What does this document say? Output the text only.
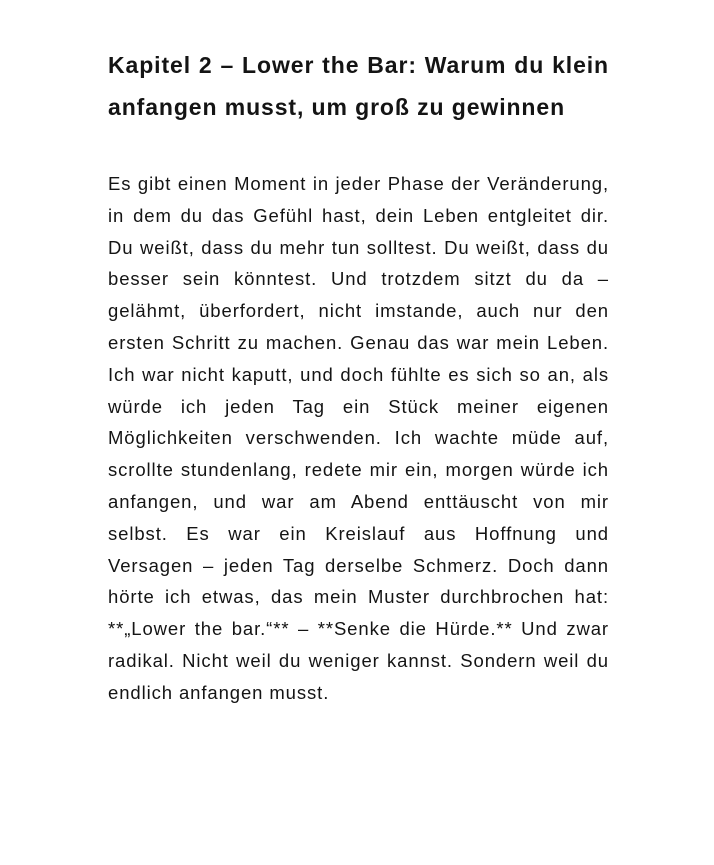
Kapitel 2 – Lower the Bar: Warum du klein anfangen musst, um groß zu gewinnen

Es gibt einen Moment in jeder Phase der Veränderung, in dem du das Gefühl hast, dein Leben entgleitet dir. Du weißt, dass du mehr tun solltest. Du weißt, dass du besser sein könntest. Und trotzdem sitzt du da – gelähmt, überfordert, nicht imstande, auch nur den ersten Schritt zu machen. Genau das war mein Leben. Ich war nicht kaputt, und doch fühlte es sich so an, als würde ich jeden Tag ein Stück meiner eigenen Möglichkeiten verschwenden. Ich wachte müde auf, scrollte stundenlang, redete mir ein, morgen würde ich anfangen, und war am Abend enttäuscht von mir selbst. Es war ein Kreislauf aus Hoffnung und Versagen – jeden Tag derselbe Schmerz. Doch dann hörte ich etwas, das mein Muster durchbrochen hat: **„Lower the bar.“** – **Senke die Hürde.** Und zwar radikal. Nicht weil du weniger kannst. Sondern weil du endlich anfangen musst.
